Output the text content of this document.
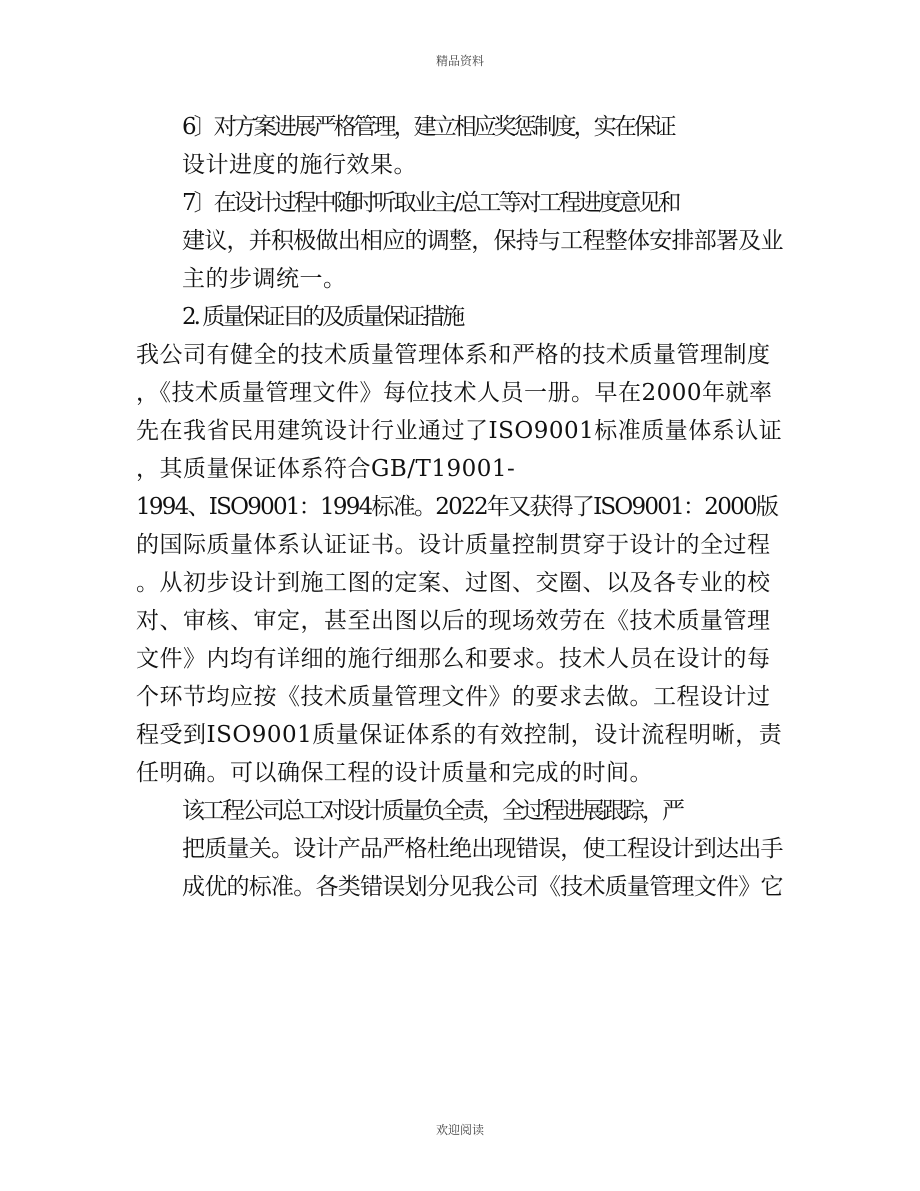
精品资料
6〕对方案进展严格管理，建立相应奖惩制度，实在保证
设计进度的施行效果。
7〕在设计过程中随时听取业主/总工等对工程进度意见和
建议，并积极做出相应的调整，保持与工程整体安排部署及业
主的步调统一。
2. 质量保证目的及质量保证措施
我公司有健全的技术质量管理体系和严格的技术质量管理制度
，《技术质量管理文件》每位技术人员一册。早在2000年就率
先在我省民用建筑设计行业通过了ISO9001标准质量体系认证
，其质量保证体系符合GB/T19001-
1994、ISO9001：1994标准。2022年又获得了ISO9001：2000版
的国际质量体系认证证书。设计质量控制贯穿于设计的全过程
。从初步设计到施工图的定案、过图、交圈、以及各专业的校
对、审核、审定，甚至出图以后的现场效劳在《技术质量管理
文件》内均有详细的施行细那么和要求。技术人员在设计的每
个环节均应按《技术质量管理文件》的要求去做。工程设计过
程受到ISO9001质量保证体系的有效控制，设计流程明晰，责
任明确。可以确保工程的设计质量和完成的时间。
该工程公司总工对设计质量负全责，全过程进展跟踪，严
把质量关。设计产品严格杜绝出现错误，使工程设计到达出手
成优的标准。各类错误划分见我公司《技术质量管理文件》它
欢迎阅读
